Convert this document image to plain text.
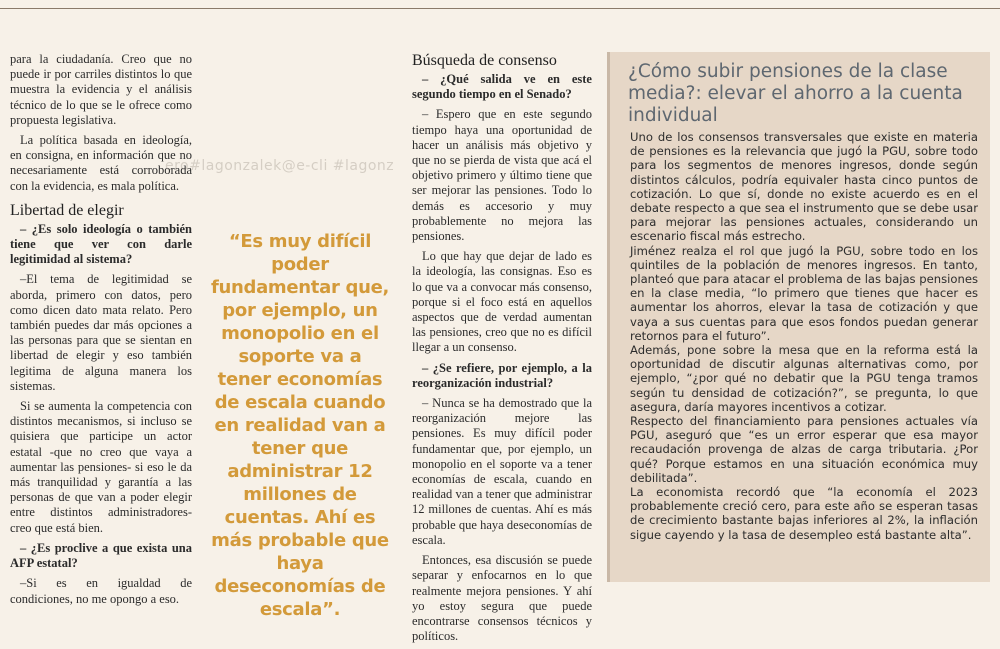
ero#lagonzalek@e-cli #lagonz

para la ciudadanía. Creo que no puede ir por carriles distintos lo que muestra la evidencia y el análisis técnico de lo que se le ofrece como propuesta legislativa.

La política basada en ideología, en consigna, en información que no necesariamente está corroborada con la evidencia, es mala política.

Libertad de elegir

– ¿Es solo ideología o también tiene que ver con darle legitimidad al sistema?

–El tema de legitimidad se aborda, primero con datos, pero como dicen dato mata relato. Pero también puedes dar más opciones a las personas para que se sientan en libertad de elegir y eso también legitima de alguna manera los sistemas.

Si se aumenta la competencia con distintos mecanismos, si incluso se quisiera que participe un actor estatal -que no creo que vaya a aumentar las pensiones- si eso le da más tranquilidad y garantía a las personas de que van a poder elegir entre distintos administradores- creo que está bien.

– ¿Es proclive a que exista una AFP estatal?

–Si es en igualdad de condiciones, no me opongo a eso.

“Es muy difícil poder fundamentar que, por ejemplo, un monopolio en el soporte va a tener economías de escala cuando en realidad van a tener que administrar 12 millones de cuentas. Ahí es más probable que haya deseconomías de escala”.
Búsqueda de consenso

– ¿Qué salida ve en este segundo tiempo en el Senado?

– Espero que en este segundo tiempo haya una oportunidad de hacer un análisis más objetivo y que no se pierda de vista que acá el objetivo primero y último tiene que ser mejorar las pensiones. Todo lo demás es accesorio y muy probablemente no mejora las pensiones.

Lo que hay que dejar de lado es la ideología, las consignas. Eso es lo que va a convocar más consenso, porque si el foco está en aquellos aspectos que de verdad aumentan las pensiones, creo que no es difícil llegar a un consenso.

– ¿Se refiere, por ejemplo, a la reorganización industrial?

– Nunca se ha demostrado que la reorganización mejore las pensiones. Es muy difícil poder fundamentar que, por ejemplo, un monopolio en el soporte va a tener economías de escala, cuando en realidad van a tener que administrar 12 millones de cuentas. Ahí es más probable que haya deseconomías de escala.

Entonces, esa discusión se puede separar y enfocarnos en lo que realmente mejora pensiones. Y ahí yo estoy segura que puede encontrarse consensos técnicos y políticos.

¿Cómo subir pensiones de la clase media?: elevar el ahorro a la cuenta individual

Uno de los consensos transversales que existe en materia de pensiones es la relevancia que jugó la PGU, sobre todo para los segmentos de menores ingresos, donde según distintos cálculos, podría equivaler hasta cinco puntos de cotización. Lo que sí, donde no existe acuerdo es en el debate respecto a que sea el instrumento que se debe usar para mejorar las pensiones actuales, considerando un escenario fiscal más estrecho.

Jiménez realza el rol que jugó la PGU, sobre todo en los quintiles de la población de menores ingresos. En tanto, planteó que para atacar el problema de las bajas pensiones en la clase media, “lo primero que tienes que hacer es aumentar los ahorros, elevar la tasa de cotización y que vaya a sus cuentas para que esos fondos puedan generar retornos para el futuro”.

Además, pone sobre la mesa que en la reforma está la oportunidad de discutir algunas alternativas como, por ejemplo, “¿por qué no debatir que la PGU tenga tramos según tu densidad de cotización?”, se pregunta, lo que asegura, daría mayores incentivos a cotizar.

Respecto del financiamiento para pensiones actuales vía PGU, aseguró que “es un error esperar que esa mayor recaudación provenga de alzas de carga tributaria. ¿Por qué? Porque estamos en una situación económica muy debilitada”.

La economista recordó que “la economía el 2023 probablemente creció cero, para este año se esperan tasas de crecimiento bastante bajas inferiores al 2%, la inflación sigue cayendo y la tasa de desempleo está bastante alta”.
